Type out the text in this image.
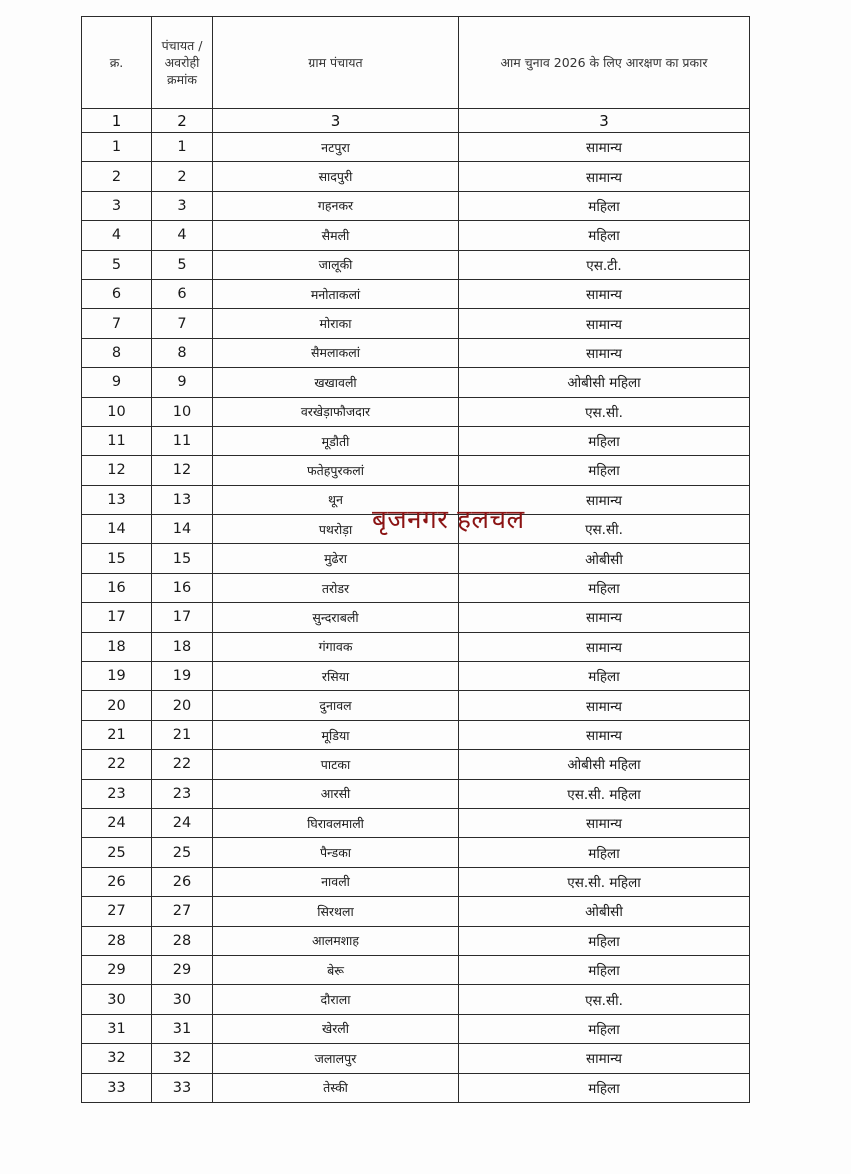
क्र.	पंचायत / अवरोही क्रमांक	ग्राम पंचायत	आम चुनाव 2026 के लिए आरक्षण का प्रकार
1	2	3	3
1	1	नटपुरा	सामान्य
2	2	सादपुरी	सामान्य
3	3	गहनकर	महिला
4	4	सैमली	महिला
5	5	जालूकी	एस.टी.
6	6	मनोताकलां	सामान्य
7	7	मोराका	सामान्य
8	8	सैमलाकलां	सामान्य
9	9	खखावली	ओबीसी महिला
10	10	वरखेड़ाफौजदार	एस.सी.
11	11	मूडौती	महिला
12	12	फतेहपुरकलां	महिला
13	13	थून	सामान्य
14	14	पथरोड़ा	एस.सी.
15	15	मुढेरा	ओबीसी
16	16	तरोडर	महिला
17	17	सुन्दराबली	सामान्य
18	18	गंगावक	सामान्य
19	19	रसिया	महिला
20	20	दुनावल	सामान्य
21	21	मूडिया	सामान्य
22	22	पाटका	ओबीसी महिला
23	23	आरसी	एस.सी. महिला
24	24	घिरावलमाली	सामान्य
25	25	पैन्डका	महिला
26	26	नावली	एस.सी. महिला
27	27	सिरथला	ओबीसी
28	28	आलमशाह	महिला
29	29	बेरू	महिला
30	30	दौराला	एस.सी.
31	31	खेरली	महिला
32	32	जलालपुर	सामान्य
33	33	तेस्की	महिला
बृजनगर हलचल
